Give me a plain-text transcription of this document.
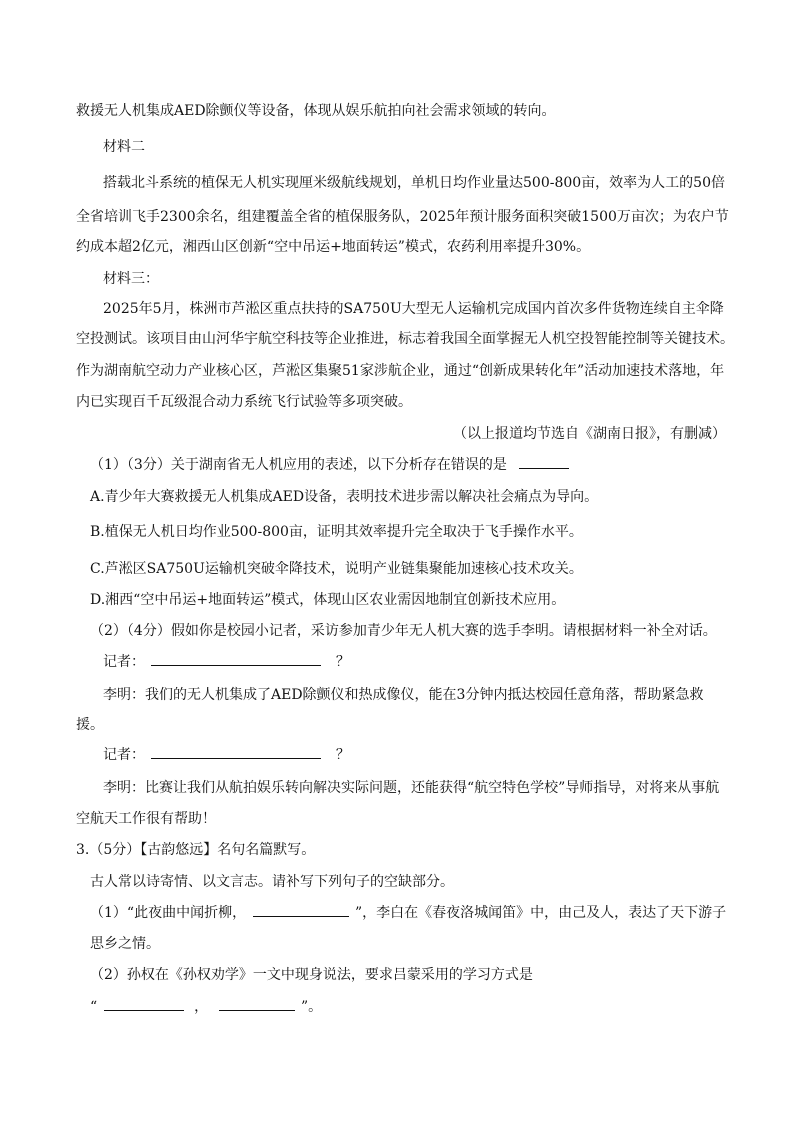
救援无人机集成AED除颤仪等设备，体现从娱乐航拍向社会需求领域的转向。
材料二
搭载北斗系统的植保无人机实现厘米级航线规划，单机日均作业量达500-800亩，效率为人工的50倍
全省培训飞手2300余名，组建覆盖全省的植保服务队，2025年预计服务面积突破1500万亩次；为农户节
约成本超2亿元，湘西山区创新“空中吊运+地面转运”模式，农药利用率提升30%。
材料三：
2025年5月，株洲市芦淞区重点扶持的SA750U大型无人运输机完成国内首次多件货物连续自主伞降
空投测试。该项目由山河华宇航空科技等企业推进，标志着我国全面掌握无人机空投智能控制等关键技术。
作为湖南航空动力产业核心区，芦淞区集聚51家涉航企业，通过“创新成果转化年”活动加速技术落地，年
内已实现百千瓦级混合动力系统飞行试验等多项突破。
（以上报道均节选自《湖南日报》，有删减）
（1）（3分）关于湖南省无人机应用的表述，以下分析存在错误的是
A.青少年大赛救援无人机集成AED设备，表明技术进步需以解决社会痛点为导向。
B.植保无人机日均作业500-800亩，证明其效率提升完全取决于飞手操作水平。
C.芦淞区SA750U运输机突破伞降技术，说明产业链集聚能加速核心技术攻关。
D.湘西“空中吊运+地面转运”模式，体现山区农业需因地制宜创新技术应用。
（2）（4分）假如你是校园小记者，采访参加青少年无人机大赛的选手李明。请根据材料一补全对话。
记者：	？
李明：我们的无人机集成了AED除颤仪和热成像仪，能在3分钟内抵达校园任意角落，帮助紧急救
援。
记者：	？
李明：比赛让我们从航拍娱乐转向解决实际问题，还能获得“航空特色学校”导师指导，对将来从事航
空航天工作很有帮助！
3.（5分）【古韵悠远】名句名篇默写。
古人常以诗寄情、以文言志。请补写下列句子的空缺部分。
（1）“此夜曲中闻折柳，	”，李白在《春夜洛城闻笛》中，由己及人，表达了天下游子
思乡之情。
（2）孙权在《孙权劝学》一文中现身说法，要求吕蒙采用的学习方式是
“	，	”。
